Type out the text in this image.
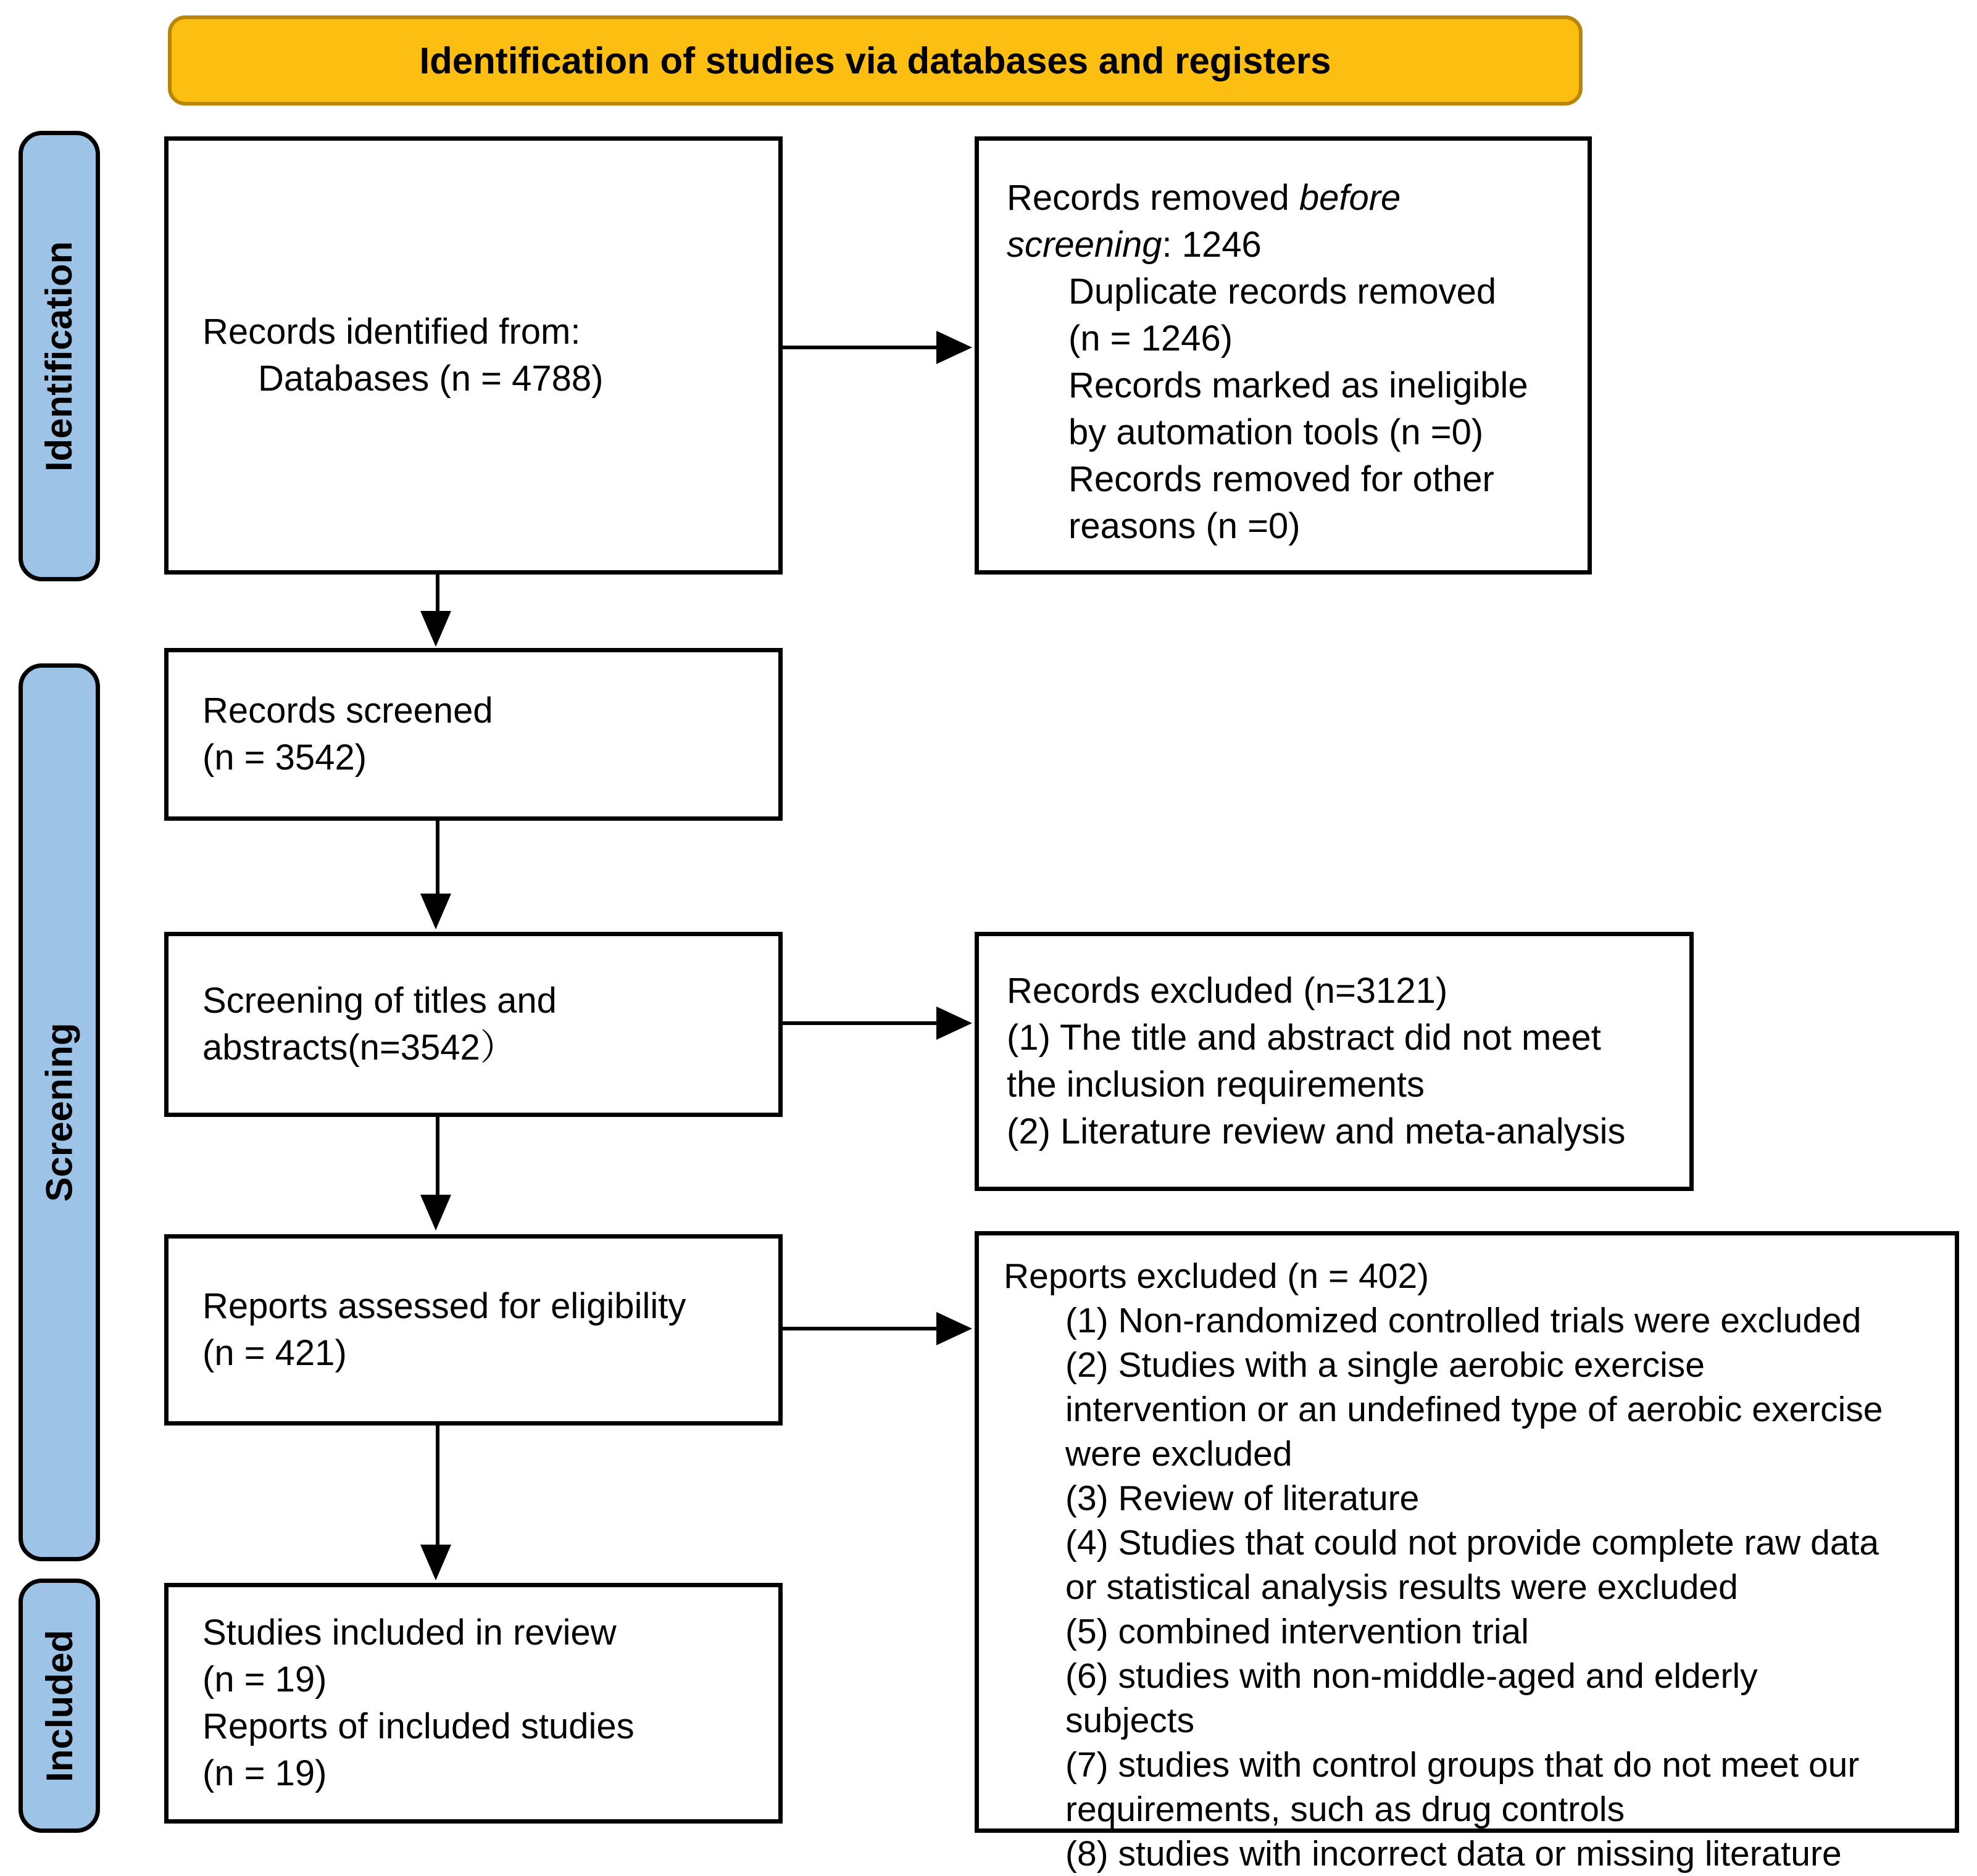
Identification of studies via databases and registers
Identification
Screening
Included
Records identified from:
Databases (n = 4788)
Records removed before
screening: 1246
Duplicate records removed
(n = 1246)
Records marked as ineligible
by automation tools (n =0)
Records removed for other
reasons (n =0)
Records screened
(n = 3542)
Screening of titles and
abstracts(n=3542）
Records excluded (n=3121)
(1) The title and abstract did not meet
the inclusion requirements
(2) Literature review and meta-analysis
Reports assessed for eligibility
(n = 421)
Reports excluded (n = 402)
(1) Non-randomized controlled trials were excluded
(2) Studies with a single aerobic exercise
intervention or an undefined type of aerobic exercise
were excluded
(3) Review of literature
(4) Studies that could not provide complete raw data
or statistical analysis results were excluded
(5) combined intervention trial
(6) studies with non-middle-aged and elderly
subjects
(7) studies with control groups that do not meet our
requirements, such as drug controls
(8) studies with incorrect data or missing literature
Studies included in review
(n = 19)
Reports of included studies
(n = 19)
